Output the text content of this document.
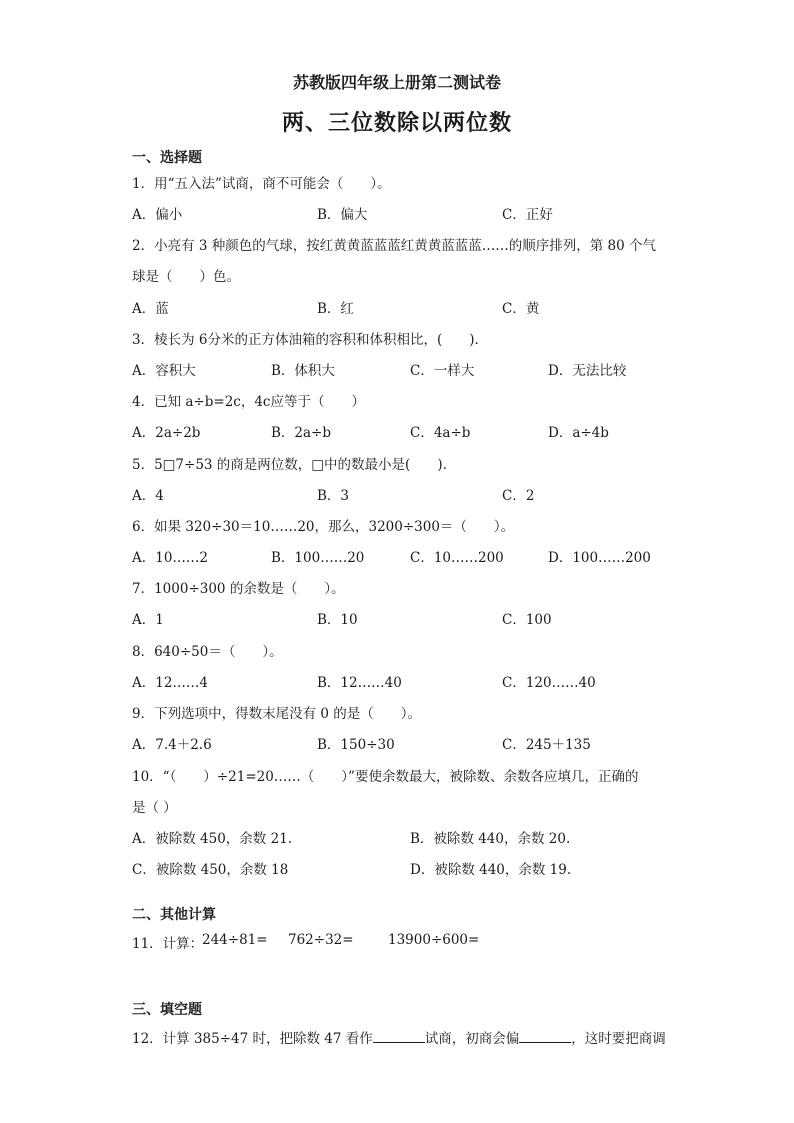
苏教版四年级上册第二测试卷
两、三位数除以两位数
一、选择题
1．用“五入法”试商，商不可能会（　　）。
A．偏小	B．偏大	C．正好
2．小亮有 3 种颜色的气球，按红黄黄蓝蓝蓝红黄黄蓝蓝蓝……的顺序排列，第 80 个气
球是（　　）色。
A．蓝	B．红	C．黄
3．棱长为 6分米的正方体油箱的容积和体积相比，(　　).
A．容积大	B．体积大	C．一样大	D．无法比较
4．已知 a÷b=2c，4c应等于（　　）
A．2a÷2b	B．2a÷b	C．4a÷b	D．a÷4b
5．5□7÷53 的商是两位数，□中的数最小是(　　).
A．4	B．3	C．2
6．如果 320÷30＝10……20，那么，3200÷300＝（　　）。
A．10……2	B．100……20	C．10……200	D．100……200
7．1000÷300 的余数是（　　）。
A．1	B．10	C．100
8．640÷50＝（　　）。
A．12……4	B．12……40	C．120……40
9．下列选项中，得数末尾没有 0 的是（　　）。
A．7.4＋2.6	B．150÷30	C．245＋135
10．“（　　）÷21=20……（　　）”要使余数最大，被除数、余数各应填几，正确的
是（ ）
A．被除数 450，余数 21.	B．被除数 440，余数 20.
C．被除数 450，余数 18	D．被除数 440，余数 19.
二、其他计算
11．计算：
244÷81= 762÷32=	13900÷600=
三、填空题
12．计算 385÷47 时，把除数 47 看作	试商，初商会偏	，这时要把商调
